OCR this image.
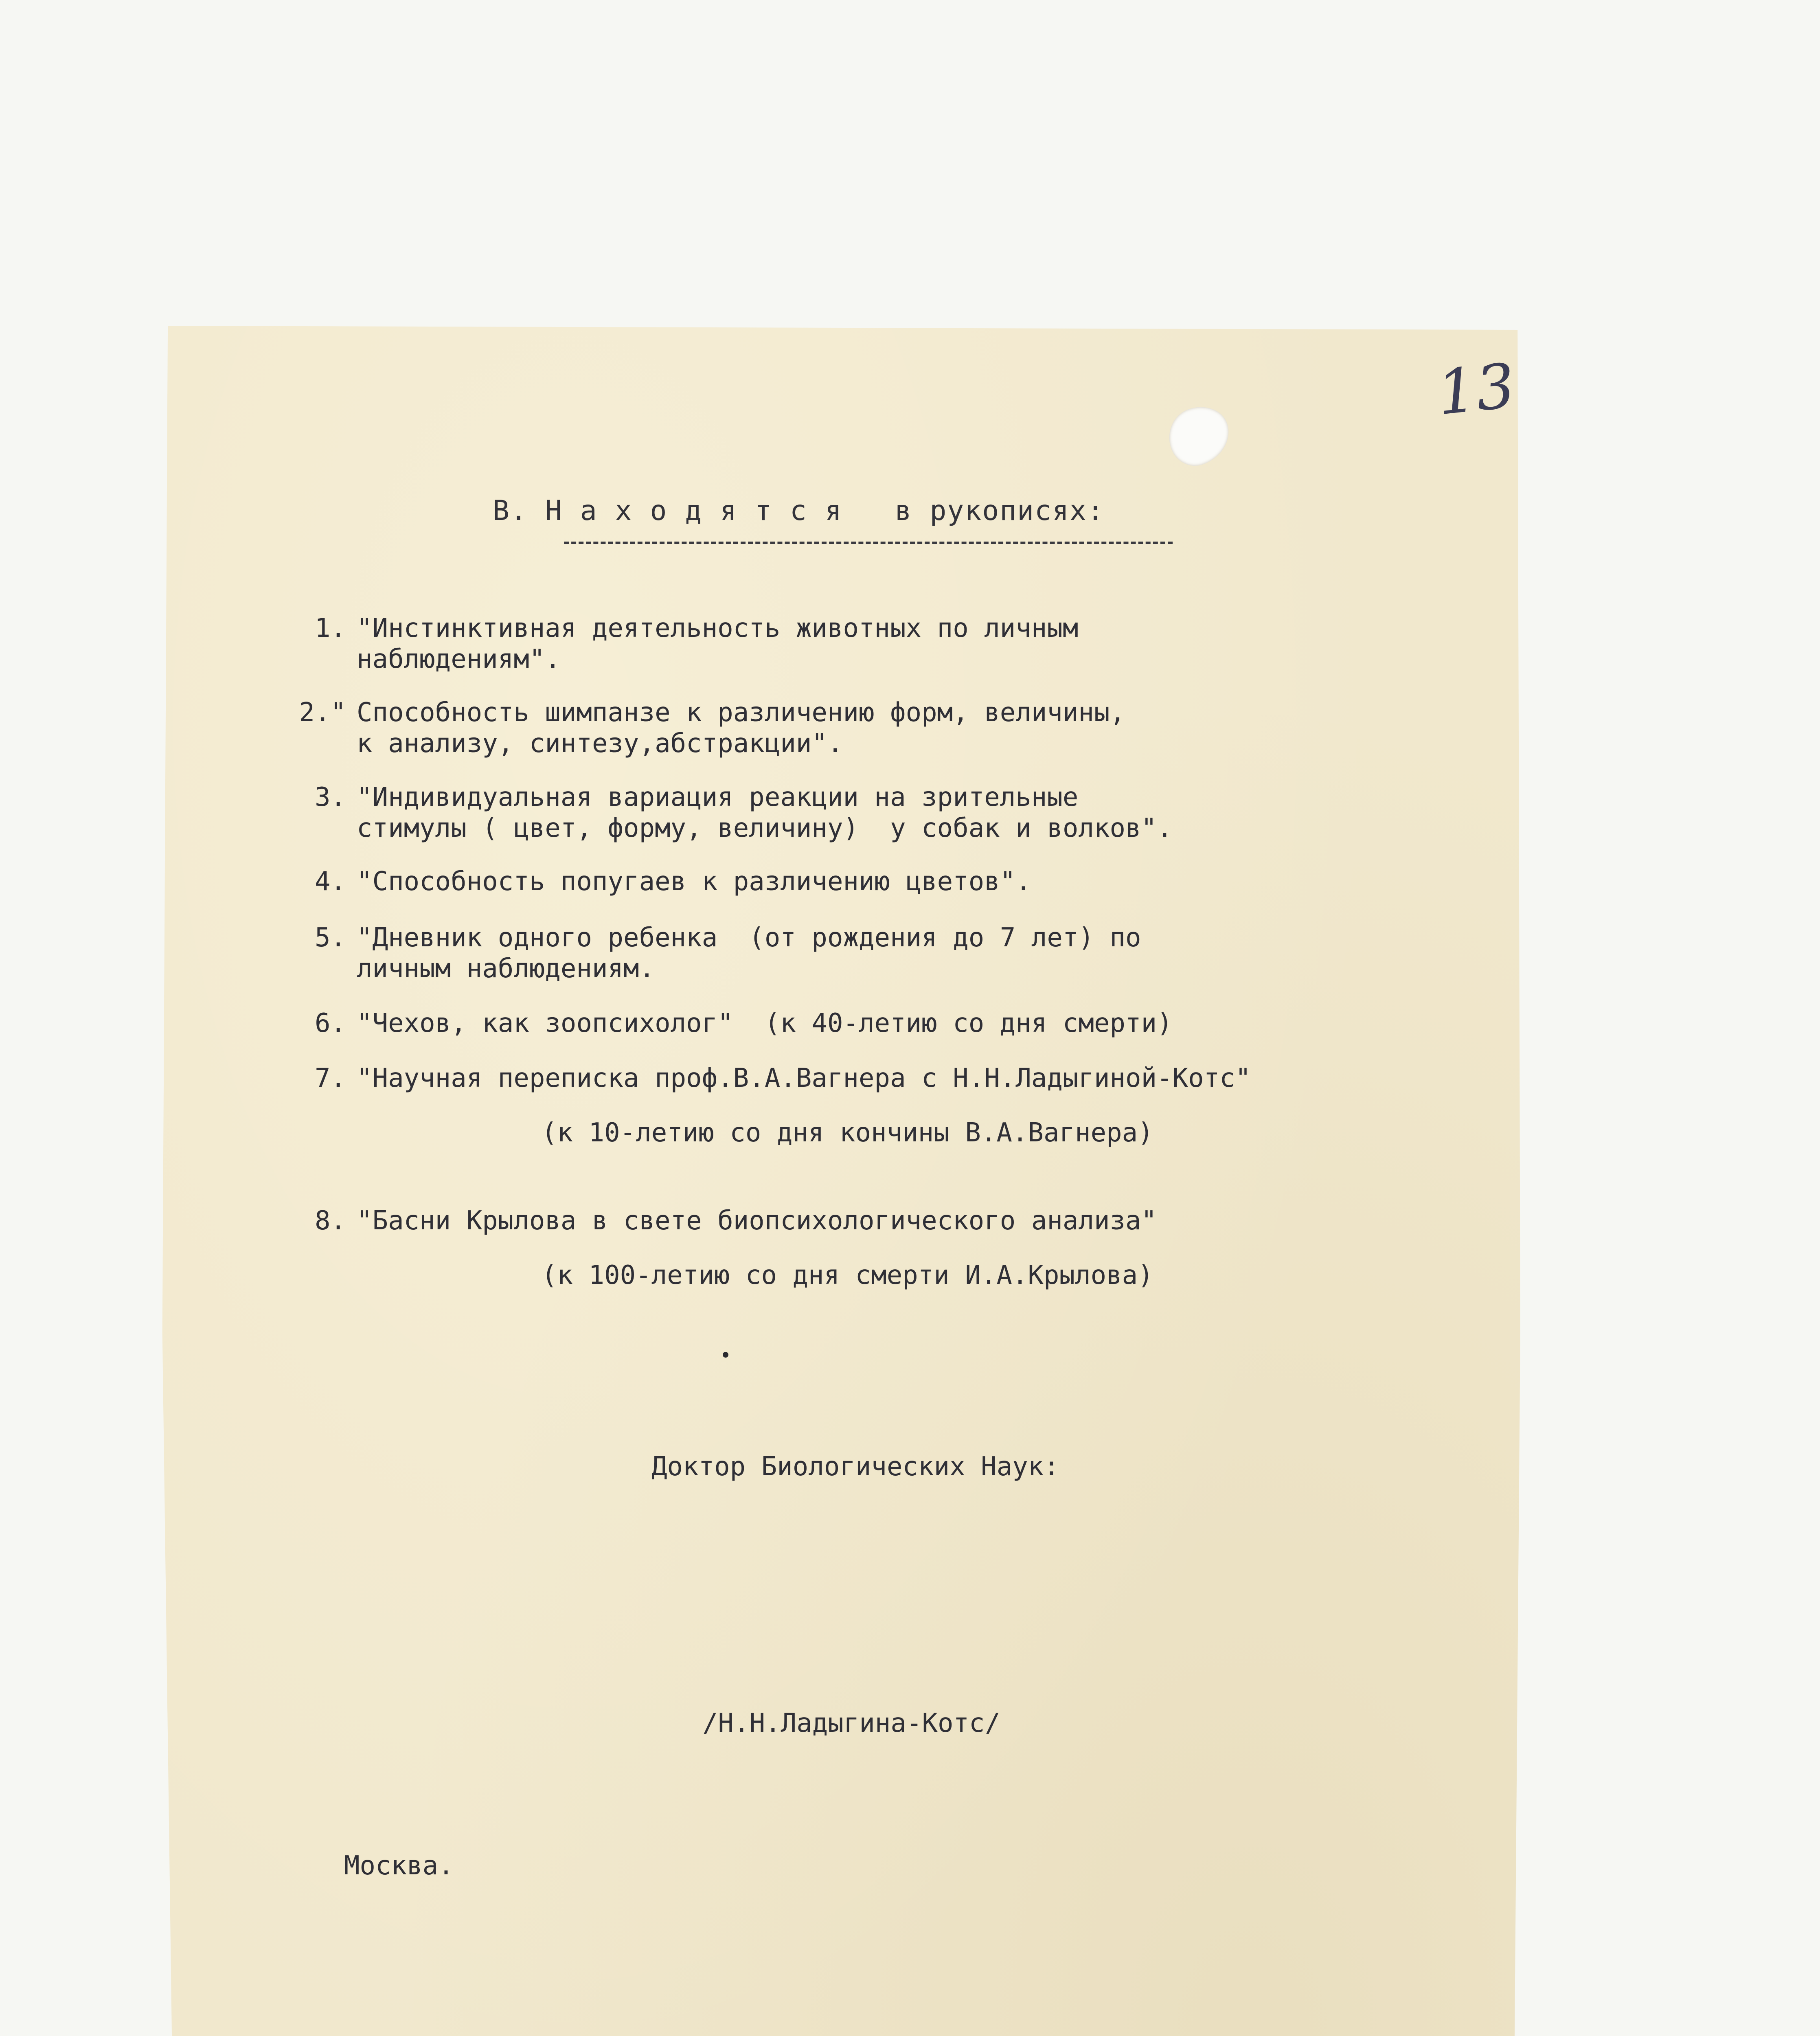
13
В. Н а х о д я т с я   в рукописях:
1. "Инстинктивная деятельность животных по личным
наблюдениям".
2." Способность шимпанзе к различению форм, величины,
к анализу, синтезу,абстракции".
3. "Индивидуальная вариация реакции на зрительные
стимулы ( цвет, форму, величину)  у собак и волков".
4. "Способность попугаев к различению цветов".
5. "Дневник одного ребенка  (от рождения до 7 лет) по
личным наблюдениям.
6. "Чехов, как зоопсихолог"  (к 40-летию со дня смерти)
7. "Научная переписка проф.В.А.Вагнера с Н.Н.Ладыгиной-Котс"
(к 10-летию со дня кончины В.А.Вагнера)
8. "Басни Крылова в свете биопсихологического анализа"
(к 100-летию со дня смерти И.А.Крылова)
Доктор Биологических Наук:
/Н.Н.Ладыгина-Котс/
Москва.
